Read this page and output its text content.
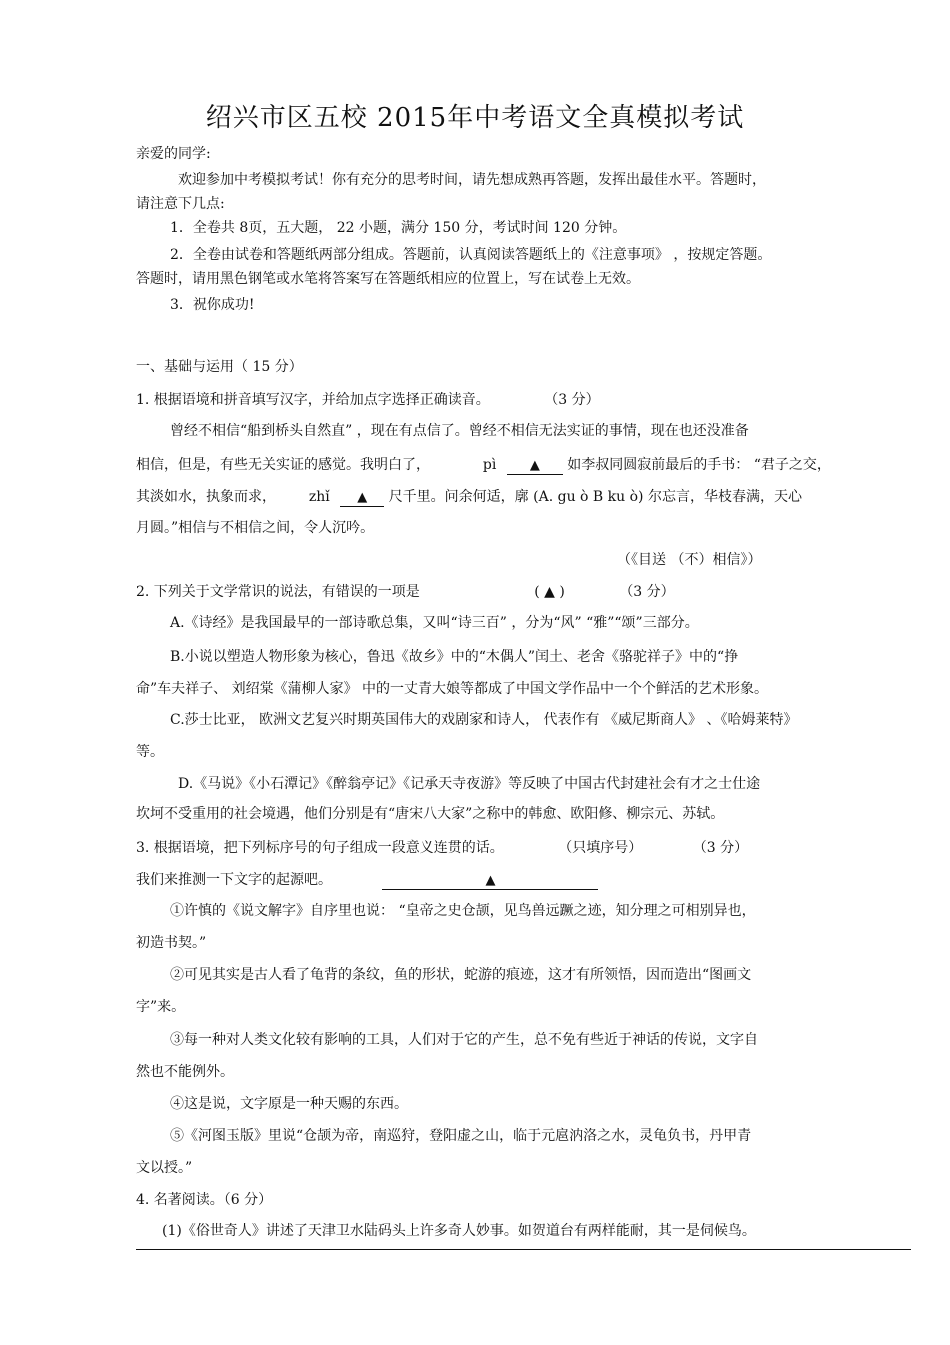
绍兴市区五校 2015年中考语文全真模拟考试
亲爱的同学:
欢迎参加中考模拟考试！你有充分的思考时间，请先想成熟再答题，发挥出最佳水平。答题时，
请注意下几点:
1．全卷共 8页，五大题， 22 小题，满分 150 分，考试时间 120 分钟。
2．全卷由试卷和答题纸两部分组成。答题前，认真阅读答题纸上的《注意事项》 ，按规定答题。
答题时，请用黑色钢笔或水笔将答案写在答题纸相应的位置上，写在试卷上无效。
3．祝你成功!
一、基础与运用（ 15 分）
1. 根据语境和拼音填写汉字，并给加点字选择正确读音。	（3 分）
曾经不相信“船到桥头自然直” ，现在有点信了。曾经不相信无法实证的事情，现在也还没准备
相信，但是，有些无关实证的感觉。我明白了，	pì	▲ 如李叔同圆寂前最后的手书： “君子之交，
其淡如水，执象而求， zhǐ ▲ 尺千里。问余何适，廓 (A. gu ò B ku ò) 尔忘言，华枝春满，天心
月圆。”相信与不相信之间，令人沉吟。
（《目送 （不）相信》）
2. 下列关于文学常识的说法，有错误的一项是	( ▲ )	（3 分）
A.《诗经》是我国最早的一部诗歌总集，又叫“诗三百” ，分为“风” “雅”“颂”三部分。
B.小说以塑造人物形象为核心，鲁迅《故乡》中的“木偶人”闰土、老舍《骆驼祥子》中的“挣
命”车夫祥子、 刘绍棠《蒲柳人家》 中的一丈青大娘等都成了中国文学作品中一个个鲜活的艺术形象。
C.莎士比亚， 欧洲文艺复兴时期英国伟大的戏剧家和诗人， 代表作有 《威尼斯商人》 、《哈姆莱特》
等。
D.《马说》《小石潭记》《醉翁亭记》《记承天寺夜游》等反映了中国古代封建社会有才之士仕途
坎坷不受重用的社会境遇，他们分别是有“唐宋八大家”之称中的韩愈、欧阳修、柳宗元、苏轼。
3. 根据语境，把下列标序号的句子组成一段意义连贯的话。	（只填序号）	（3 分）
我们来推测一下文字的起源吧。	▲
①许慎的《说文解字》自序里也说： “皇帝之史仓颉，见鸟兽远蹶之迹，知分理之可相别异也，
初造书契。”
②可见其实是古人看了龟背的条纹，鱼的形状，蛇游的痕迹，这才有所领悟，因而造出“图画文
字”来。
③每一种对人类文化较有影响的工具，人们对于它的产生，总不免有些近于神话的传说，文字自
然也不能例外。
④这是说，文字原是一种天赐的东西。
⑤《河图玉版》里说“仓颉为帝，南巡狩，登阳虚之山，临于元扈汭洛之水，灵龟负书，丹甲青
文以授。”
4. 名著阅读。（6 分）
(1)《俗世奇人》讲述了天津卫水陆码头上许多奇人妙事。如贺道台有两样能耐，其一是伺候鸟。
